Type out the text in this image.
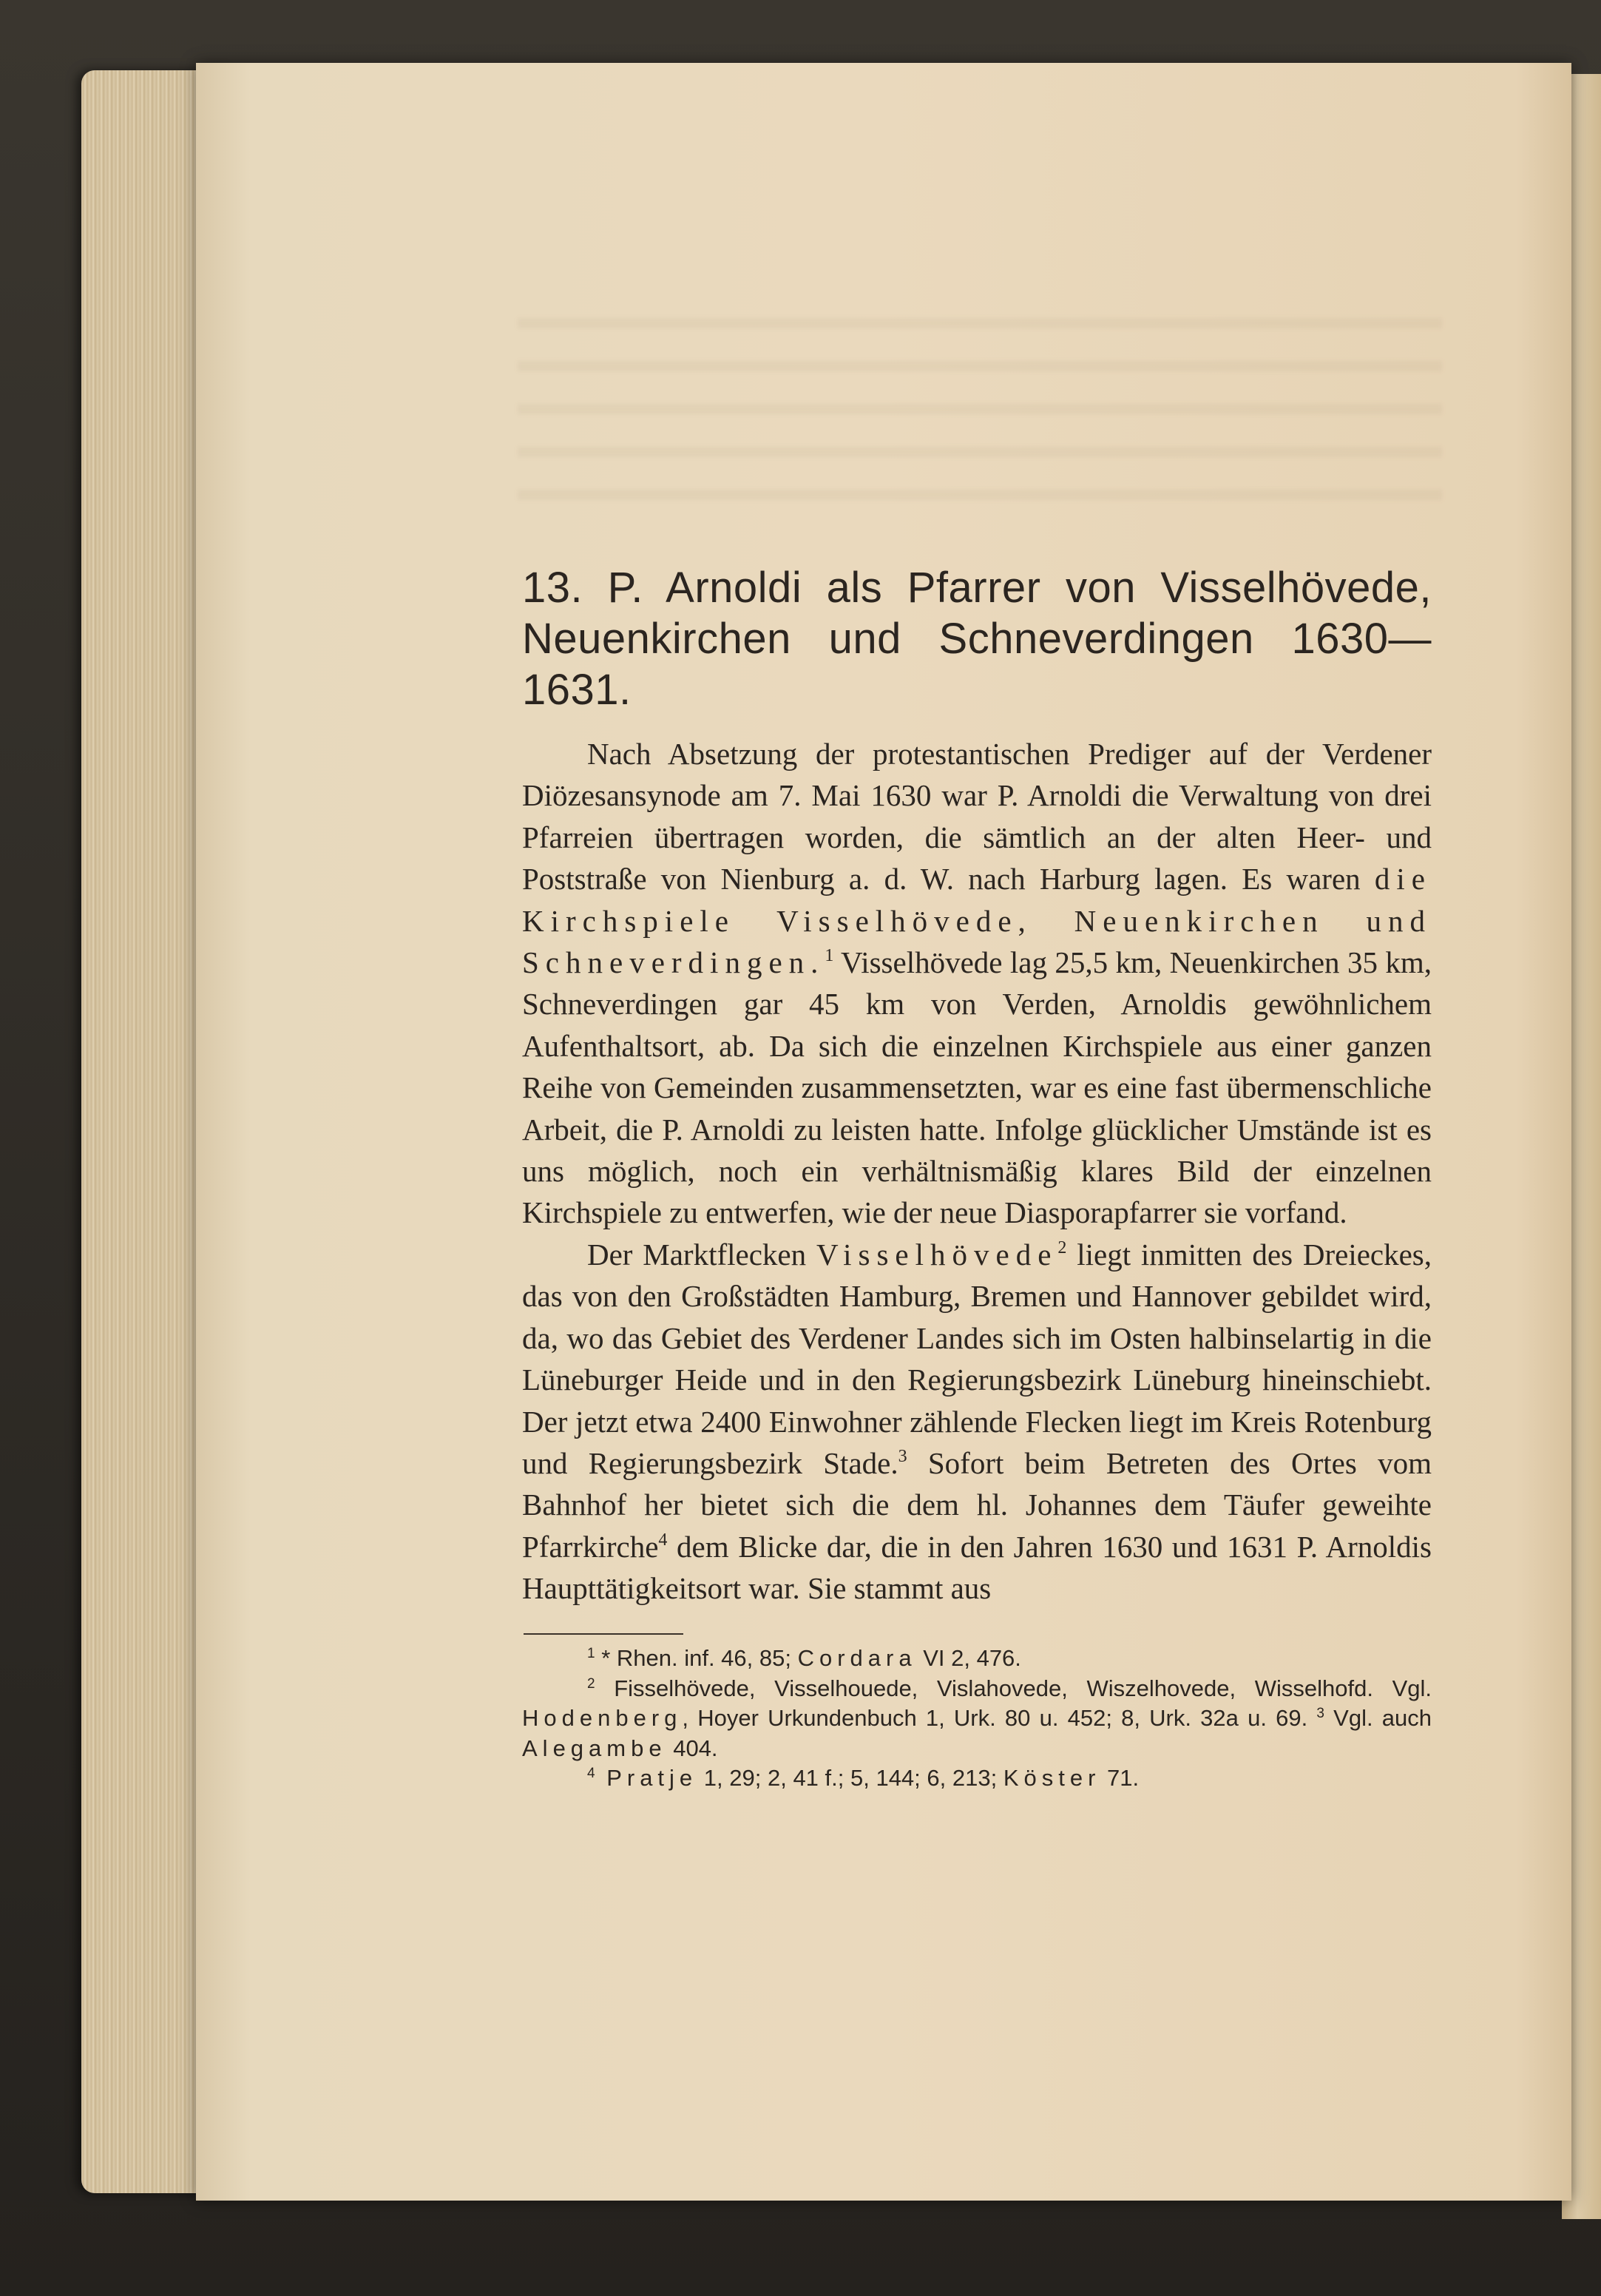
13. P. Arnoldi als Pfarrer von Visselhövede,

Neuenkirchen und Schneverdingen 1630—1631.

Nach Absetzung der protestantischen Prediger auf der Verdener Diözesansynode am 7. Mai 1630 war P. Arnoldi die Verwaltung von drei Pfarreien übertragen worden, die sämtlich an der alten Heer- und Poststraße von Nienburg a. d. W. nach Harburg lagen. Es waren die Kirchspiele Visselhövede, Neuenkirchen und Schneverdingen.$^1$ Visselhövede lag 25,5 km, Neuenkirchen 35 km, Schneverdingen gar 45 km von Verden, Arnoldis gewöhnlichem Aufenthaltsort, ab. Da sich die einzelnen Kirchspiele aus einer ganzen Reihe von Gemeinden zusammensetzten, war es eine fast übermenschliche Arbeit, die P. Arnoldi zu leisten hatte. Infolge glücklicher Umstände ist es uns möglich, noch ein verhältnismäßig klares Bild der einzelnen Kirchspiele zu entwerfen, wie der neue Diasporapfarrer sie vorfand.

Der Marktflecken Visselhövede$^2$ liegt inmitten des Dreieckes, das von den Großstädten Hamburg, Bremen und Hannover gebildet wird, da, wo das Gebiet des Verdener Landes sich im Osten halbinselartig in die Lüneburger Heide und in den Regierungsbezirk Lüneburg hineinschiebt. Der jetzt etwa 2400 Einwohner zählende Flecken liegt im Kreis Rotenburg und Regierungsbezirk Stade.$^3$ Sofort beim Betreten des Ortes vom Bahnhof her bietet sich die dem hl. Johannes dem Täufer geweihte Pfarrkirche$^4$ dem Blicke dar, die in den Jahren 1630 und 1631 P. Arnoldis Haupttätigkeitsort war. Sie stammt aus

$^1$ * Rhen. inf. 46, 85; Cordara VI 2, 476.

$^2$ Fisselhövede, Visselhouede, Vislahovede, Wiszelhovede, Wisselhofd. Vgl. Hodenberg, Hoyer Urkundenbuch 1, Urk. 80 u. 452; 8, Urk. 32a u. 69. $^3$ Vgl. auch Alegambe 404.

$^4$ Pratje 1, 29; 2, 41 f.; 5, 144; 6, 213; Köster 71.
